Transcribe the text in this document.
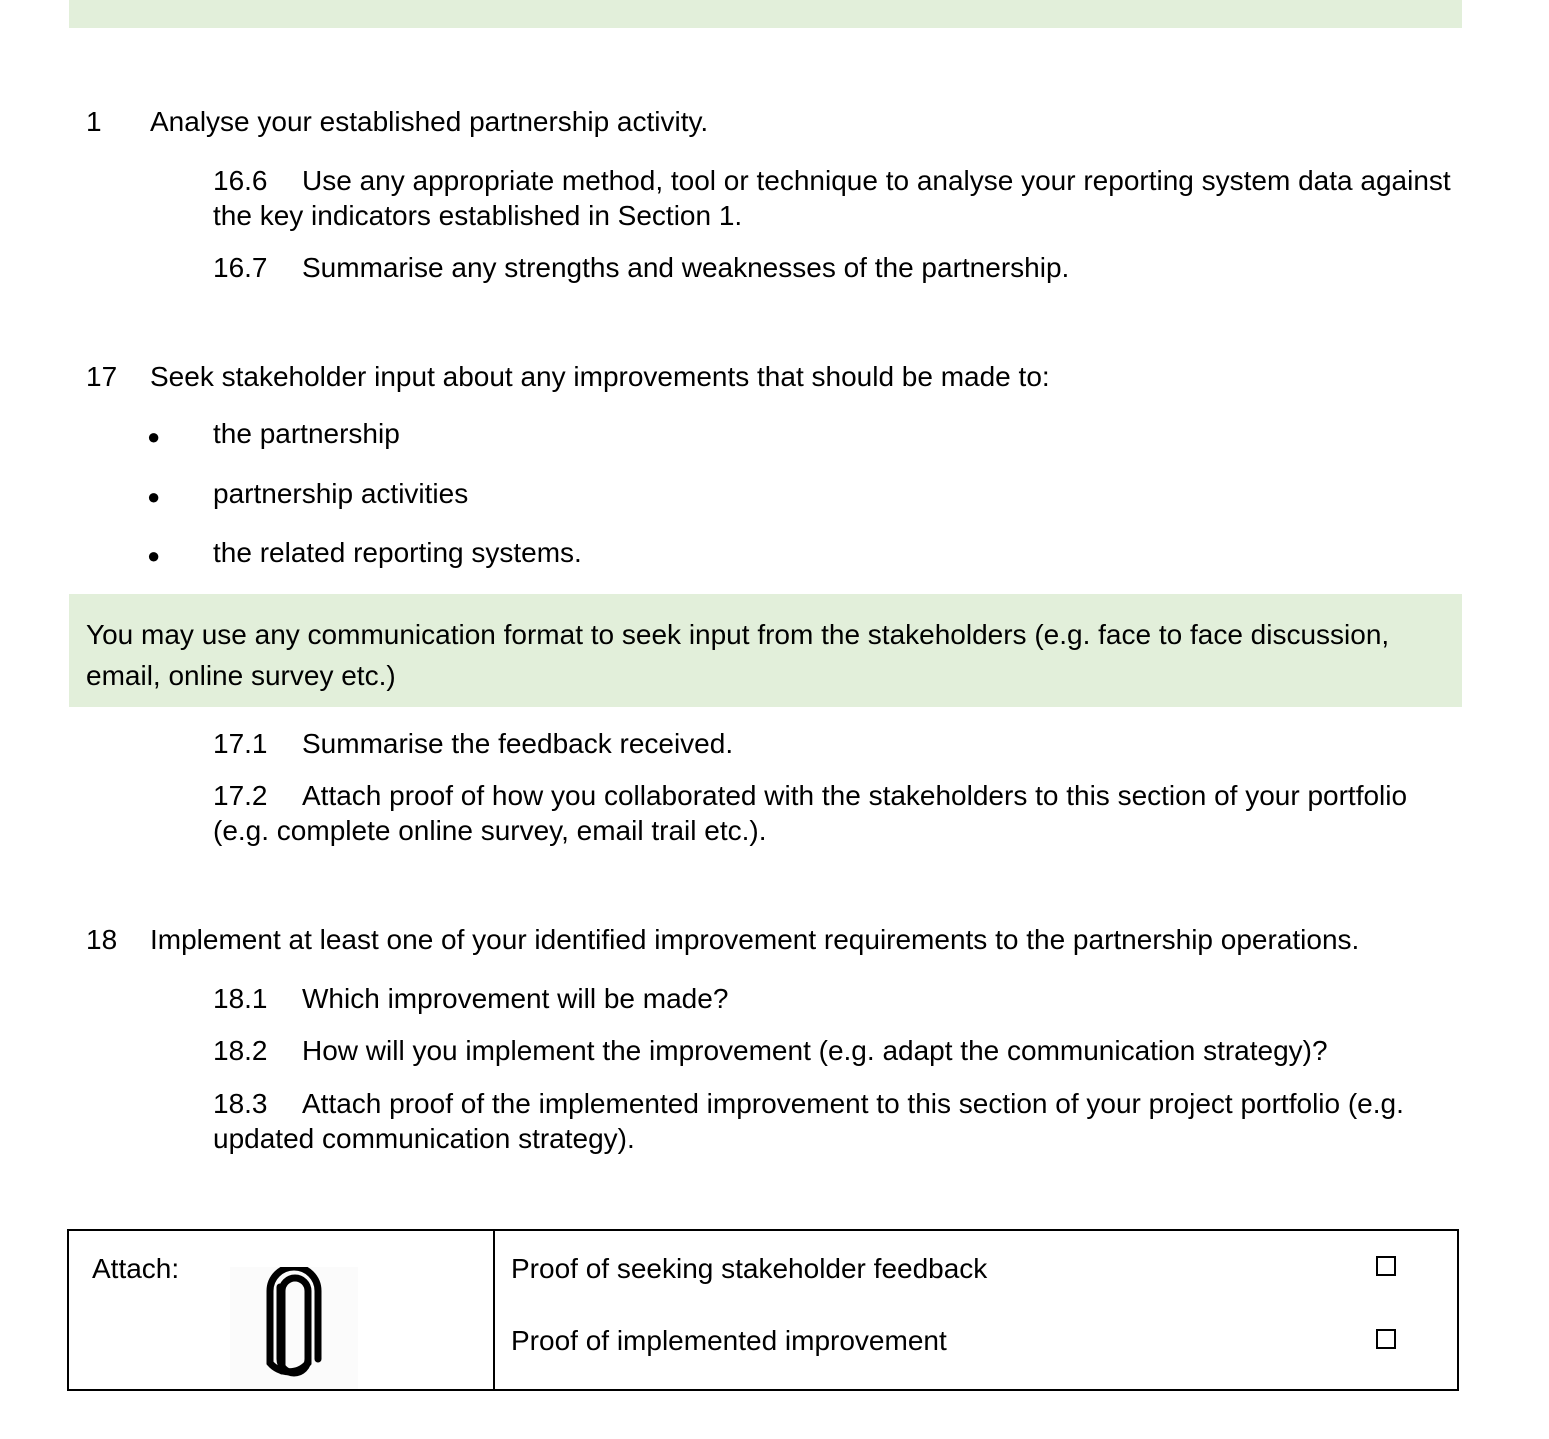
1 Analyse your established partnership activity.
16.6 Use any appropriate method, tool or technique to analyse your reporting system data against the key indicators established in Section 1.
16.7 Summarise any strengths and weaknesses of the partnership.
17 Seek stakeholder input about any improvements that should be made to:
● the partnership
● partnership activities
● the related reporting systems.
You may use any communication format to seek input from the stakeholders (e.g. face to face discussion, email, online survey etc.)
17.1 Summarise the feedback received.
17.2 Attach proof of how you collaborated with the stakeholders to this section of your portfolio (e.g. complete online survey, email trail etc.).
18 Implement at least one of your identified improvement requirements to the partnership operations.
18.1 Which improvement will be made?
18.2 How will you implement the improvement (e.g. adapt the communication strategy)?
18.3 Attach proof of the implemented improvement to this section of your project portfolio (e.g. updated communication strategy).
Attach:	Proof of seeking stakeholder feedback
Proof of implemented improvement
